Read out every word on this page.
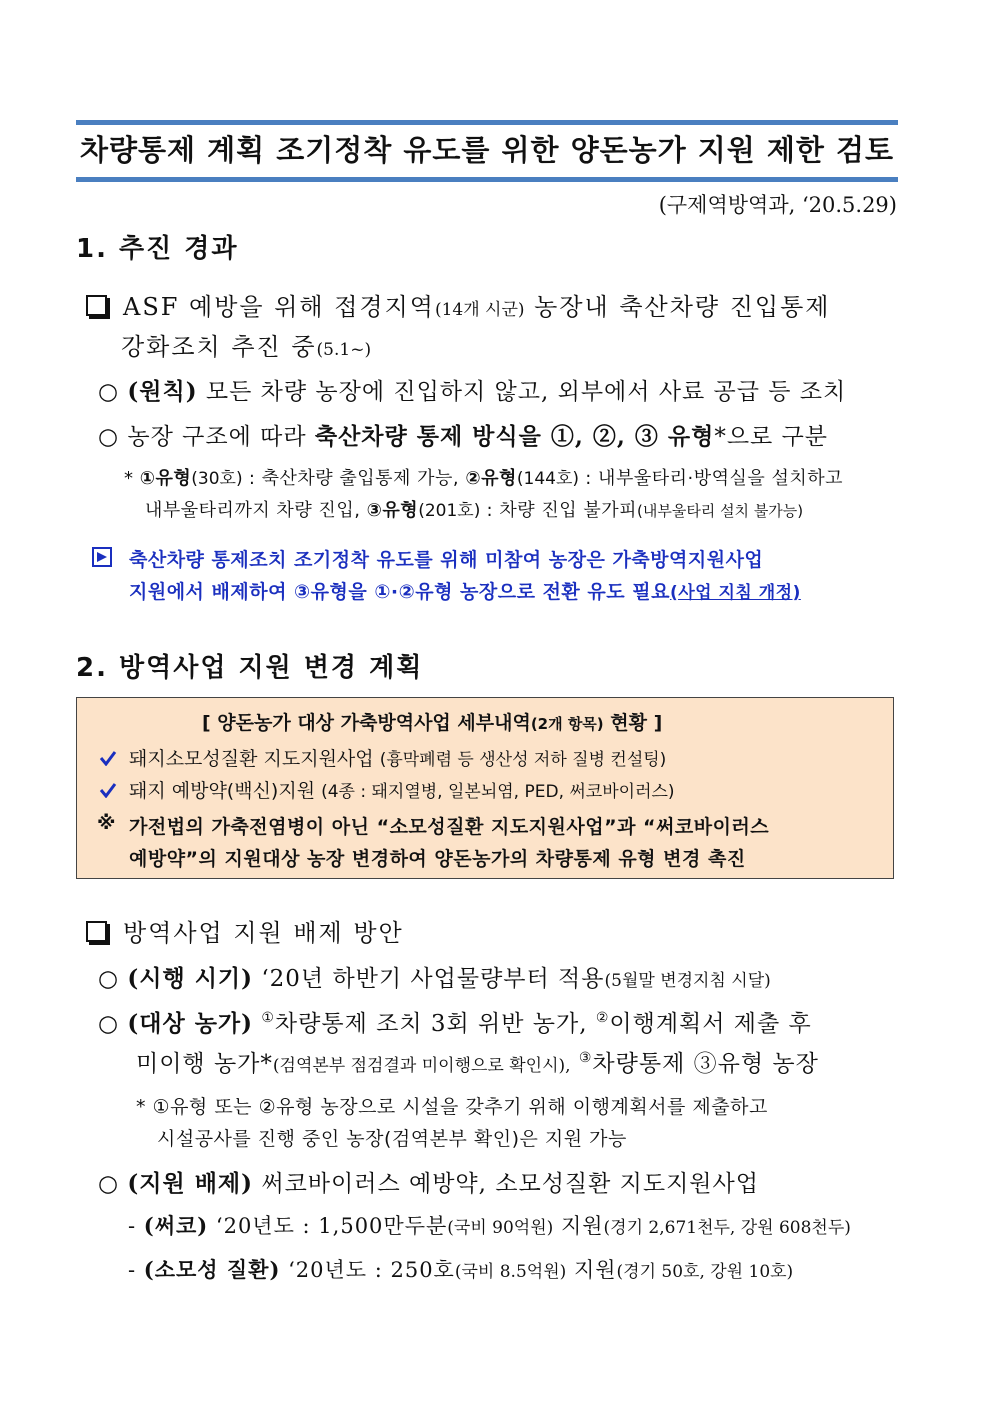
차량통제 계획 조기정착 유도를 위한 양돈농가 지원 제한 검토
(구제역방역과, ‘20.5.29)
1. 추진 경과
ASF 예방을 위해 접경지역(14개 시군) 농장내 축산차량 진입통제
강화조치 추진 중(5.1~)
○ (원칙) 모든 차량 농장에 진입하지 않고, 외부에서 사료 공급 등 조치
○ 농장 구조에 따라 축산차량 통제 방식을 ①, ②, ③ 유형*으로 구분
* ①유형(30호) : 축산차량 출입통제 가능, ②유형(144호) : 내부울타리·방역실을 설치하고
내부울타리까지 차량 진입, ③유형(201호) : 차량 진입 불가피(내부울타리 설치 불가능)
축산차량 통제조치 조기정착 유도를 위해 미참여 농장은 가축방역지원사업
지원에서 배제하여 ③유형을 ①·②유형 농장으로 전환 유도 필요(사업 지침 개정)
2. 방역사업 지원 변경 계획
[ 양돈농가 대상 가축방역사업 세부내역(2개 항목) 현황 ]
돼지소모성질환 지도지원사업 (흉막폐렴 등 생산성 저하 질병 컨설팅)
돼지 예방약(백신)지원 (4종 : 돼지열병, 일본뇌염, PED, 써코바이러스)
※ 가전법의 가축전염병이 아닌 “소모성질환 지도지원사업”과 “써코바이러스
예방약”의 지원대상 농장 변경하여 양돈농가의 차량통제 유형 변경 촉진
방역사업 지원 배제 방안
○ (시행 시기) ‘20년 하반기 사업물량부터 적용(5월말 변경지침 시달)
○ (대상 농가) ①차량통제 조치 3회 위반 농가, ②이행계획서 제출 후
미이행 농가*(검역본부 점검결과 미이행으로 확인시), ③차량통제 ③유형 농장
* ①유형 또는 ②유형 농장으로 시설을 갖추기 위해 이행계획서를 제출하고
시설공사를 진행 중인 농장(검역본부 확인)은 지원 가능
○ (지원 배제) 써코바이러스 예방약, 소모성질환 지도지원사업
- (써코) ‘20년도 : 1,500만두분(국비 90억원) 지원(경기 2,671천두, 강원 608천두)
- (소모성 질환) ‘20년도 : 250호(국비 8.5억원) 지원(경기 50호, 강원 10호)
